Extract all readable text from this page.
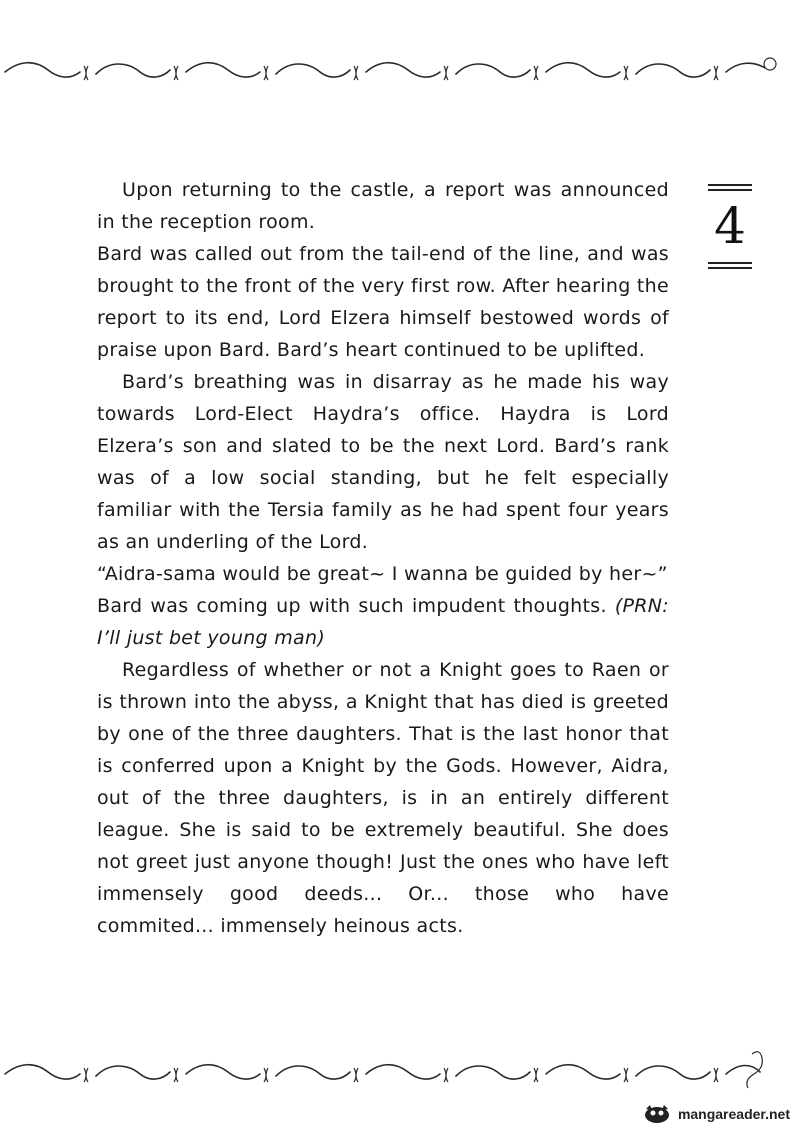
4

Upon returning to the castle, a report was announced in the reception room.

Bard was called out from the tail-end of the line, and was brought to the front of the very first row. After hearing the report to its end, Lord Elzera himself bestowed words of praise upon Bard. Bard’s heart continued to be uplifted.

Bard’s breathing was in disarray as he made his way towards Lord-Elect Haydra’s office. Haydra is Lord Elzera’s son and slated to be the next Lord. Bard’s rank was of a low social standing, but he felt especially familiar with the Tersia family as he had spent four years as an underling of the Lord.

“Aidra-sama would be great~ I wanna be guided by her~”

Bard was coming up with such impudent thoughts. (PRN: I’ll just bet young man)

Regardless of whether or not a Knight goes to Raen or is thrown into the abyss, a Knight that has died is greeted by one of the three daughters. That is the last honor that is conferred upon a Knight by the Gods. However, Aidra, out of the three daughters, is in an entirely different league. She is said to be extremely beautiful. She does not greet just anyone though! Just the ones who have left immensely good deeds... Or... those who have commited... immensely heinous acts.

mangareader.net
